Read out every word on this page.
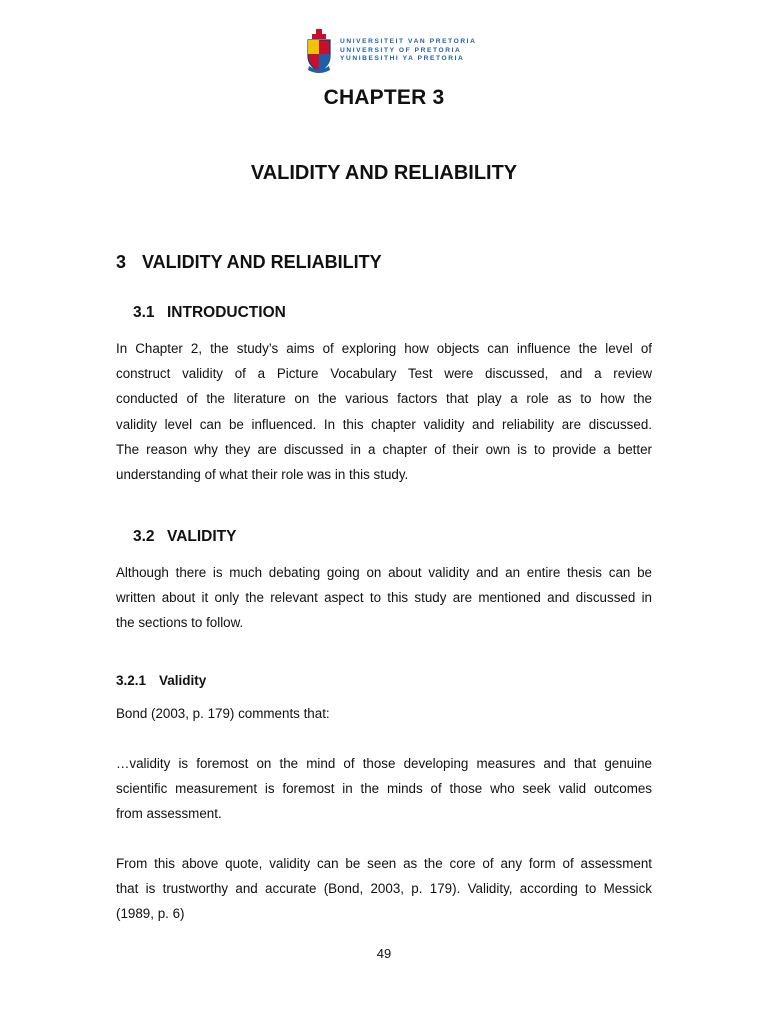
UNIVERSITEIT VAN PRETORIA
UNIVERSITY OF PRETORIA
YUNIBESITHI YA PRETORIA
CHAPTER 3
VALIDITY AND RELIABILITY
3 VALIDITY AND RELIABILITY
3.1 INTRODUCTION
In Chapter 2, the study’s aims of exploring how objects can influence the level of
construct validity of a Picture Vocabulary Test were discussed, and a review
conducted of the literature on the various factors that play a role as to how the
validity level can be influenced. In this chapter validity and reliability are discussed.
The reason why they are discussed in a chapter of their own is to provide a better
understanding of what their role was in this study.
3.2 VALIDITY
Although there is much debating going on about validity and an entire thesis can be
written about it only the relevant aspect to this study are mentioned and discussed in
the sections to follow.
3.2.1 Validity
Bond (2003, p. 179) comments that:
…validity is foremost on the mind of those developing measures and that genuine
scientific measurement is foremost in the minds of those who seek valid outcomes
from assessment.
From this above quote, validity can be seen as the core of any form of assessment
that is trustworthy and accurate (Bond, 2003, p. 179). Validity, according to Messick
(1989, p. 6)
49
